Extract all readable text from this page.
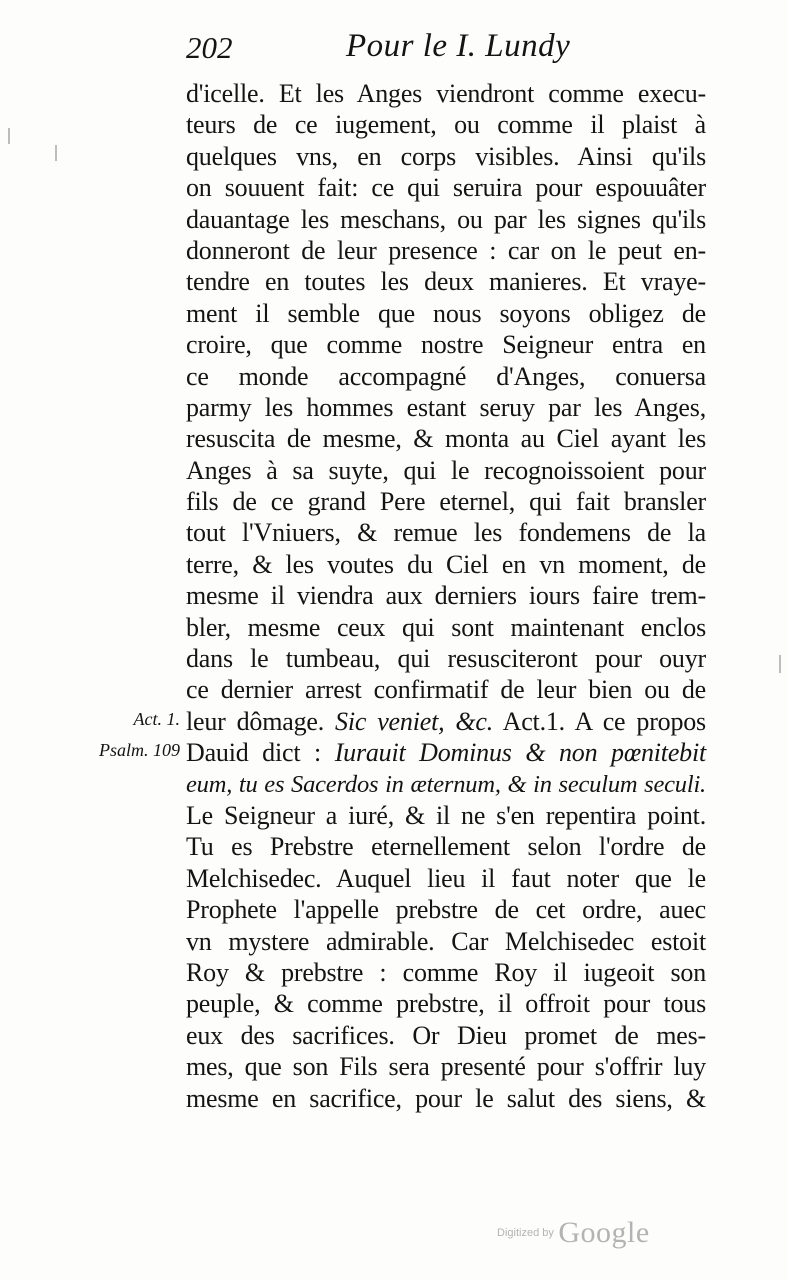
202	Pour le I. Lundy
Act. 1.
Psalm. 109
d'icelle. Et les Anges viendront comme execu-
teurs de ce iugement, ou comme il plaist à
quelques vns, en corps visibles. Ainsi qu'ils
on souuent fait: ce qui seruira pour espouuâter
dauantage les meschans, ou par les signes qu'ils
donneront de leur presence : car on le peut en-
tendre en toutes les deux manieres. Et vraye-
ment il semble que nous soyons obligez de
croire, que comme nostre Seigneur entra en
ce monde accompagné d'Anges, conuersa
parmy les hommes estant seruy par les Anges,
resuscita de mesme, & monta au Ciel ayant les
Anges à sa suyte, qui le recognoissoient pour
fils de ce grand Pere eternel, qui fait bransler
tout l'Vniuers, & remue les fondemens de la
terre, & les voutes du Ciel en vn moment, de
mesme il viendra aux derniers iours faire trem-
bler, mesme ceux qui sont maintenant enclos
dans le tumbeau, qui resusciteront pour ouyr
ce dernier arrest confirmatif de leur bien ou de
leur dômage. Sic veniet, &c. Act.1. A ce propos
Dauid dict : Iurauit Dominus & non pœnitebit
eum, tu es Sacerdos in æternum, & in seculum seculi.
Le Seigneur a iuré, & il ne s'en repentira point.
Tu es Prebstre eternellement selon l'ordre de
Melchisedec. Auquel lieu il faut noter que le
Prophete l'appelle prebstre de cet ordre, auec
vn mystere admirable. Car Melchisedec estoit
Roy & prebstre : comme Roy il iugeoit son
peuple, & comme prebstre, il offroit pour tous
eux des sacrifices. Or Dieu promet de mes-
mes, que son Fils sera presenté pour s'offrir luy
mesme en sacrifice, pour le salut des siens, &
Digitized by Google
